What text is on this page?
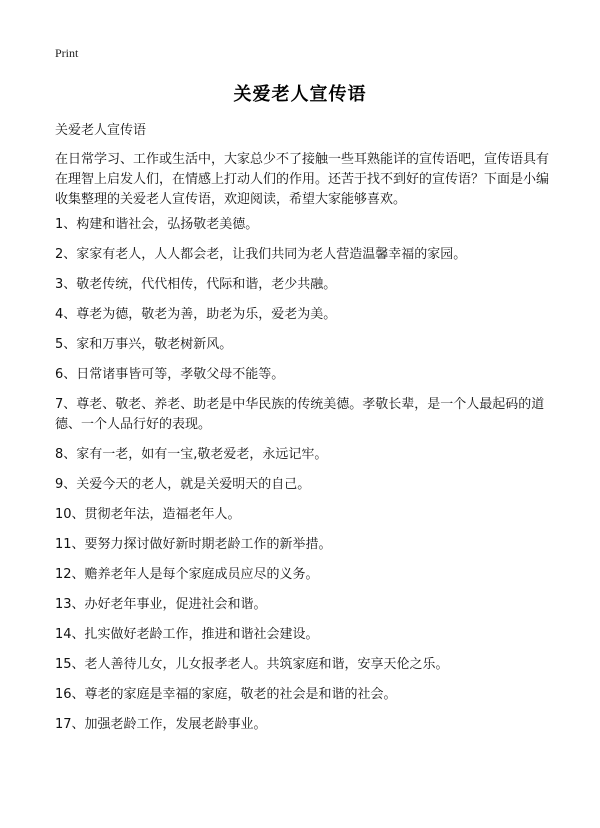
Print
关爱老人宣传语
关爱老人宣传语

在日常学习、工作或生活中，大家总少不了接触一些耳熟能详的宣传语吧，宣传语具有在理智上启发人们，在情感上打动人们的作用。还苦于找不到好的宣传语？下面是小编收集整理的关爱老人宣传语，欢迎阅读，希望大家能够喜欢。

1、构建和谐社会，弘扬敬老美德。
2、家家有老人，人人都会老，让我们共同为老人营造温馨幸福的家园。
3、敬老传统，代代相传，代际和谐，老少共融。
4、尊老为德，敬老为善，助老为乐，爱老为美。
5、家和万事兴，敬老树新风。
6、日常诸事皆可等，孝敬父母不能等。
7、尊老、敬老、养老、助老是中华民族的传统美德。孝敬长辈，是一个人最起码的道德、一个人品行好的表现。
8、家有一老，如有一宝,敬老爱老，永远记牢。
9、关爱今天的老人，就是关爱明天的自己。
10、贯彻老年法，造福老年人。
11、要努力探讨做好新时期老龄工作的新举措。
12、赡养老年人是每个家庭成员应尽的义务。
13、办好老年事业，促进社会和谐。
14、扎实做好老龄工作，推进和谐社会建设。
15、老人善待儿女，儿女报孝老人。共筑家庭和谐，安享天伦之乐。
16、尊老的家庭是幸福的家庭，敬老的社会是和谐的社会。
17、加强老龄工作，发展老龄事业。
